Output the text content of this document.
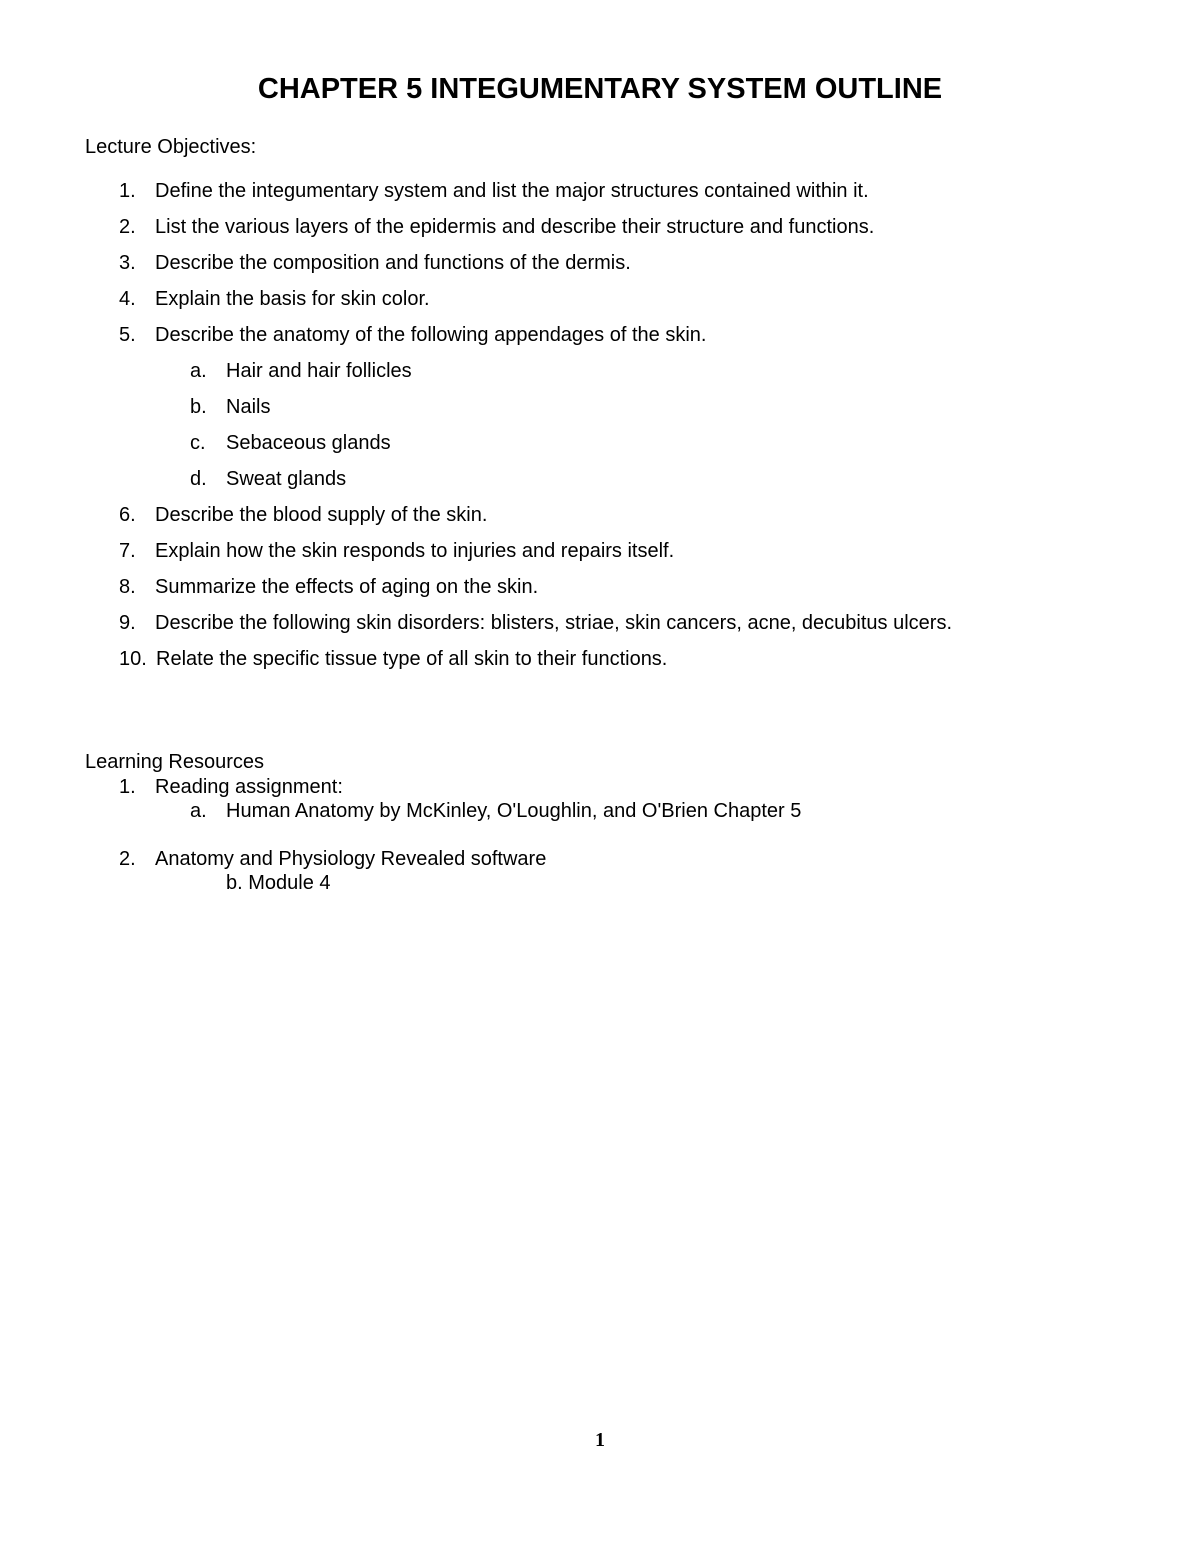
CHAPTER 5 INTEGUMENTARY SYSTEM OUTLINE
Lecture Objectives:
1. Define the integumentary system and list the major structures contained within it.
2. List the various layers of the epidermis and describe their structure and functions.
3. Describe the composition and functions of the dermis.
4. Explain the basis for skin color.
5. Describe the anatomy of the following appendages of the skin.
a. Hair and hair follicles
b. Nails
c. Sebaceous glands
d. Sweat glands
6. Describe the blood supply of the skin.
7. Explain how the skin responds to injuries and repairs itself.
8. Summarize the effects of aging on the skin.
9. Describe the following skin disorders: blisters, striae, skin cancers, acne, decubitus ulcers.
10. Relate the specific tissue type of all skin to their functions.
Learning Resources
1. Reading assignment:
a. Human Anatomy by McKinley, O'Loughlin, and O'Brien Chapter 5
2. Anatomy and Physiology Revealed software
b. Module 4
1
